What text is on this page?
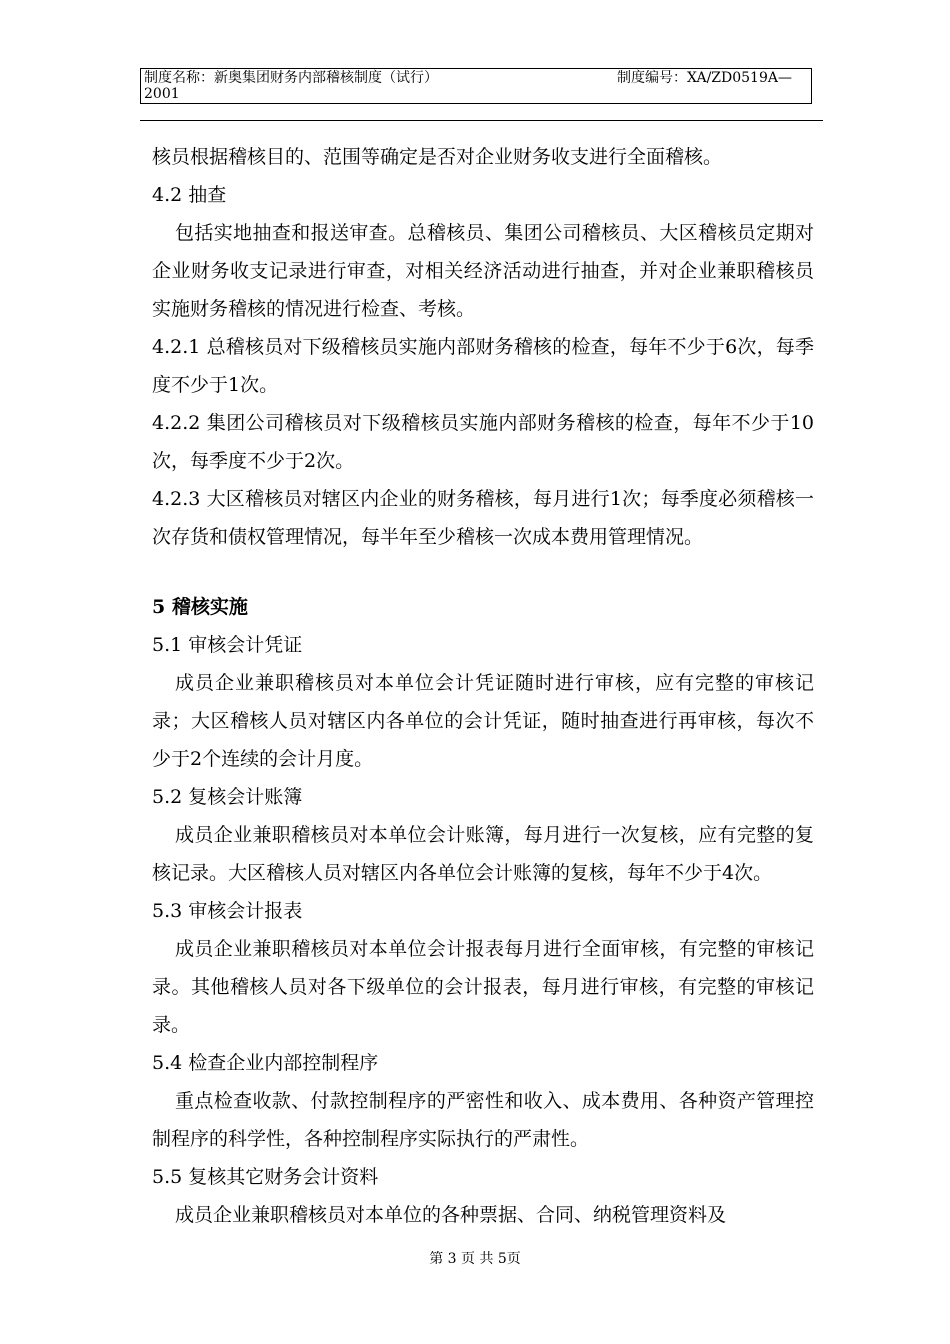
制度名称：新奥集团财务内部稽核制度（试行）	制度编号：XA/ZD0519A—
2001

核员根据稽核目的、范围等确定是否对企业财务收支进行全面稽核。

4.2 抽查

包括实地抽查和报送审查。总稽核员、集团公司稽核员、大区稽核员定期对企业财务收支记录进行审查，对相关经济活动进行抽查，并对企业兼职稽核员实施财务稽核的情况进行检查、考核。

4.2.1 总稽核员对下级稽核员实施内部财务稽核的检查，每年不少于6次，每季度不少于1次。

4.2.2 集团公司稽核员对下级稽核员实施内部财务稽核的检查，每年不少于10次，每季度不少于2次。

4.2.3 大区稽核员对辖区内企业的财务稽核，每月进行1次；每季度必须稽核一次存货和债权管理情况，每半年至少稽核一次成本费用管理情况。

5 稽核实施

5.1 审核会计凭证

成员企业兼职稽核员对本单位会计凭证随时进行审核，应有完整的审核记录；大区稽核人员对辖区内各单位的会计凭证，随时抽查进行再审核，每次不少于2个连续的会计月度。

5.2 复核会计账簿

成员企业兼职稽核员对本单位会计账簿，每月进行一次复核，应有完整的复核记录。大区稽核人员对辖区内各单位会计账簿的复核，每年不少于4次。

5.3 审核会计报表

成员企业兼职稽核员对本单位会计报表每月进行全面审核，有完整的审核记录。其他稽核人员对各下级单位的会计报表，每月进行审核，有完整的审核记录。

5.4 检查企业内部控制程序

重点检查收款、付款控制程序的严密性和收入、成本费用、各种资产管理控制程序的科学性，各种控制程序实际执行的严肃性。

5.5 复核其它财务会计资料

成员企业兼职稽核员对本单位的各种票据、合同、纳税管理资料及

第 3 页 共 5页
